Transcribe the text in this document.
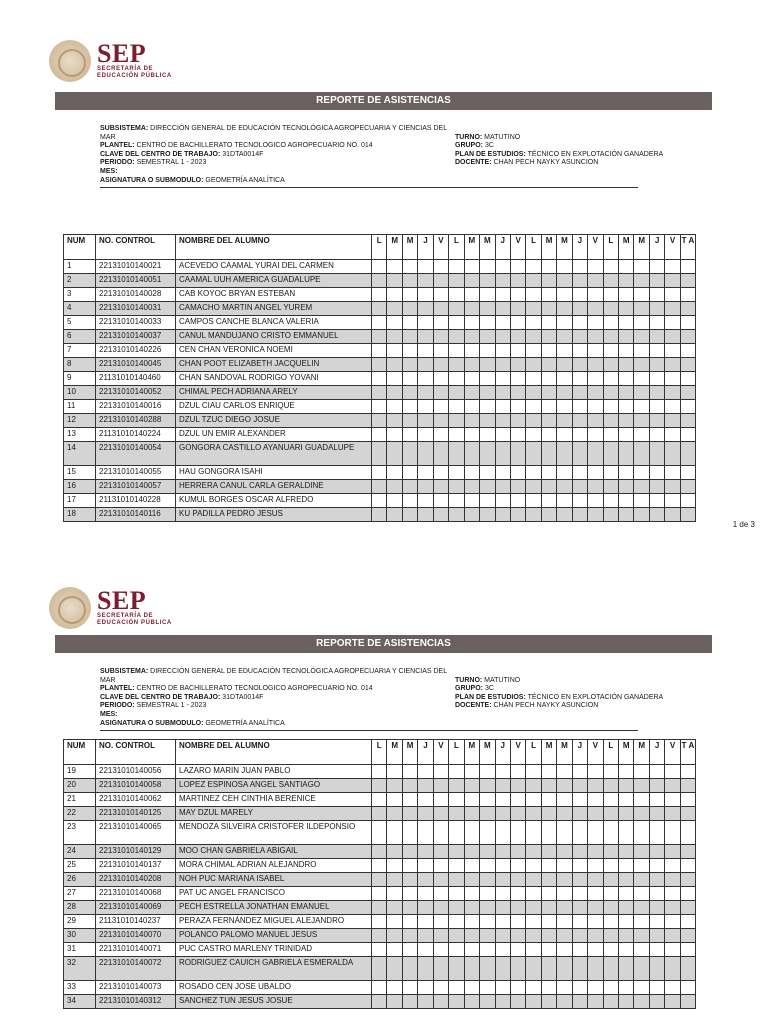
SEP
SECRETARÍA DE
EDUCACIÓN PÚBLICA
REPORTE DE ASISTENCIAS
SUBSISTEMA: DIRECCIÓN GENERAL DE EDUCACIÓN TECNOLÓGICA AGROPECUARIA Y CIENCIAS DEL MAR
PLANTEL: CENTRO DE BACHILLERATO TECNOLOGICO AGROPECUARIO NO. 014
CLAVE DEL CENTRO DE TRABAJO: 31DTA0014F
PERIODO: SEMESTRAL 1 - 2023
MES:
ASIGNATURA O SUBMODULO: GEOMETRÍA ANALÍTICA
TURNO: MATUTINO
GRUPO: 3C
PLAN DE ESTUDIOS: TÉCNICO EN EXPLOTACIÓN GANADERA
DOCENTE: CHAN PECH NAYKY ASUNCION
NUM	NO. CONTROL	NOMBRE DEL ALUMNO	L	M	M	J	V	L	M	M	J	V	L	M	M	J	V	L	M	M	J	V	T A
1	22131010140021	ACEVEDO CAAMAL YURAI DEL CARMEN																					
2	22131010140051	CAAMAL UUH AMERICA GUADALUPE																					
3	22131010140028	CAB KOYOC BRYAN ESTEBAN																					
4	22131010140031	CAMACHO MARTIN ANGEL YUREM																					
5	22131010140033	CAMPOS CANCHE BLANCA VALERIA																					
6	22131010140037	CANUL MANDUJANO CRISTO EMMANUEL																					
7	22131010140226	CEN CHAN VERONICA NOEMI																					
8	22131010140045	CHAN POOT ELIZABETH JACQUELIN																					
9	21131010140460	CHAN SANDOVAL RODRIGO YOVANI																					
10	22131010140052	CHIMAL PECH ADRIANA ARELY																					
11	22131010140016	DZUL CIAU CARLOS ENRIQUE																					
12	22131010140288	DZUL TZUC DIEGO JOSUE																					
13	21131010140224	DZUL UN EMIR ALEXANDER																					
14	22131010140054	GONGORA CASTILLO AYANUARI GUADALUPE																					
15	22131010140055	HAU GONGORA ISAHI																					
16	22131010140057	HERRERA CANUL CARLA GERALDINE																					
17	21131010140228	KUMUL BORGES OSCAR ALFREDO																					
18	22131010140116	KU PADILLA PEDRO JESUS																					
1 de 3
SEP
SECRETARÍA DE
EDUCACIÓN PÚBLICA
REPORTE DE ASISTENCIAS
SUBSISTEMA: DIRECCIÓN GENERAL DE EDUCACIÓN TECNOLÓGICA AGROPECUARIA Y CIENCIAS DEL MAR
PLANTEL: CENTRO DE BACHILLERATO TECNOLOGICO AGROPECUARIO NO. 014
CLAVE DEL CENTRO DE TRABAJO: 31DTA0014F
PERIODO: SEMESTRAL 1 - 2023
MES:
ASIGNATURA O SUBMODULO: GEOMETRÍA ANALÍTICA
TURNO: MATUTINO
GRUPO: 3C
PLAN DE ESTUDIOS: TÉCNICO EN EXPLOTACIÓN GANADERA
DOCENTE: CHAN PECH NAYKY ASUNCION
NUM	NO. CONTROL	NOMBRE DEL ALUMNO	L	M	M	J	V	L	M	M	J	V	L	M	M	J	V	L	M	M	J	V	T A
19	22131010140056	LAZARO MARIN JUAN PABLO																					
20	22131010140058	LOPEZ ESPINOSA ANGEL SANTIAGO																					
21	22131010140062	MARTINEZ CEH CINTHIA BERENICE																					
22	22131010140125	MAY DZUL MARELY																					
23	22131010140065	MENDOZA SILVEIRA CRISTOFER ILDEPONSIO																					
24	22131010140129	MOO CHAN GABRIELA ABIGAIL																					
25	22131010140137	MORA CHIMAL ADRIAN ALEJANDRO																					
26	22131010140208	NOH PUC MARIANA ISABEL																					
27	22131010140068	PAT UC ANGEL FRANCISCO																					
28	22131010140069	PECH ESTRELLA JONATHAN EMANUEL																					
29	21131010140237	PERAZA FERNÁNDEZ MIGUEL ALEJANDRO																					
30	22131010140070	POLANCO PALOMO MANUEL JESUS																					
31	22131010140071	PUC CASTRO MARLENY TRINIDAD																					
32	22131010140072	RODRIGUEZ CAUICH GABRIELA ESMERALDA																					
33	22131010140073	ROSADO CEN JOSE UBALDO																					
34	22131010140312	SANCHEZ TUN JESUS JOSUE																					
